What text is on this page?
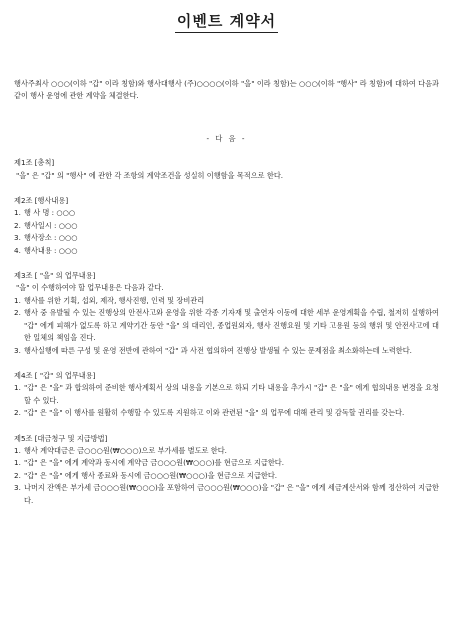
이벤트 계약서

행사주최사 ○○○(이하 "갑" 이라 칭함)와 행사대행사 (주)○○○○(이하 "을" 이라 칭함)는 ○○○(이하 "행사" 라 칭함)에 대하여 다음과 같이 행사 운영에 관한 계약을 체결한다.

- 다 음 -

제1조 [총칙]

"을" 은 "갑" 의 "행사" 에 관한 각 조항의 계약조건을 성실히 이행함을 목적으로 한다.

제2조 [행사내용]

1. 행 사 명 : ○○○
2. 행사일시 : ○○○
3. 행사장소 : ○○○
4. 행사내용 : ○○○

제3조 [ "을" 의 업무내용]

"을" 이 수행하여야 할 업무내용은 다음과 같다.

1. 행사를 위한 기획, 섭외, 제작, 행사진행, 인력 및 장비관리
2. 행사 중 유발될 수 있는 진행상의 안전사고와 운영을 위한 각종 기자재 및 출연자 이동에 대한 세부 운영계획을 수립, 철저히 실행하여 "갑" 에게 피해가 없도록 하고 계약기간 동안 "을" 의 대리인, 종업원외자, 행사 진행요원 및 기타 고용원 등의 행위 및 안전사고에 대한 일체의 책임을 진다.
3. 행사실행에 따른 구성 및 운영 전반에 관하여 "갑" 과 사전 협의하여 진행상 발생될 수 있는 문제점을 최소화하는데 노력한다.

제4조 [ "갑" 의 업무내용]

1. "갑" 은 "을" 과 합의하여 준비한 행사계획서 상의 내용을 기본으로 하되 기타 내용을 추가시 "갑" 은 "을" 에게 협의내용 변경을 요청할 수 있다.
2. "갑" 은 "을" 이 행사를 원활히 수행할 수 있도록 지원하고 이와 관련된 "을" 의 업무에 대해 관리 및 감독할 권리를 갖는다.

제5조 [대금청구 및 지급방법]

1. 행사 계약대금은 금○○○원(₩○○○)으로 부가세를 별도로 한다.
1. "갑" 은 "을" 에게 계약과 동시에 계약금 금○○○원(₩○○○)를 현금으로 지급한다.
2. "갑" 은 "을" 에게 행사 종료와 동시에 금○○○원(₩○○○)을 현금으로 지급한다.
3. 나머지 잔액은 부가세 금○○○원(₩○○○)을 포함하여 금○○○원(₩○○○)을 "갑" 은 "을" 에게 세금계산서와 함께 정산하여 지급한다.
